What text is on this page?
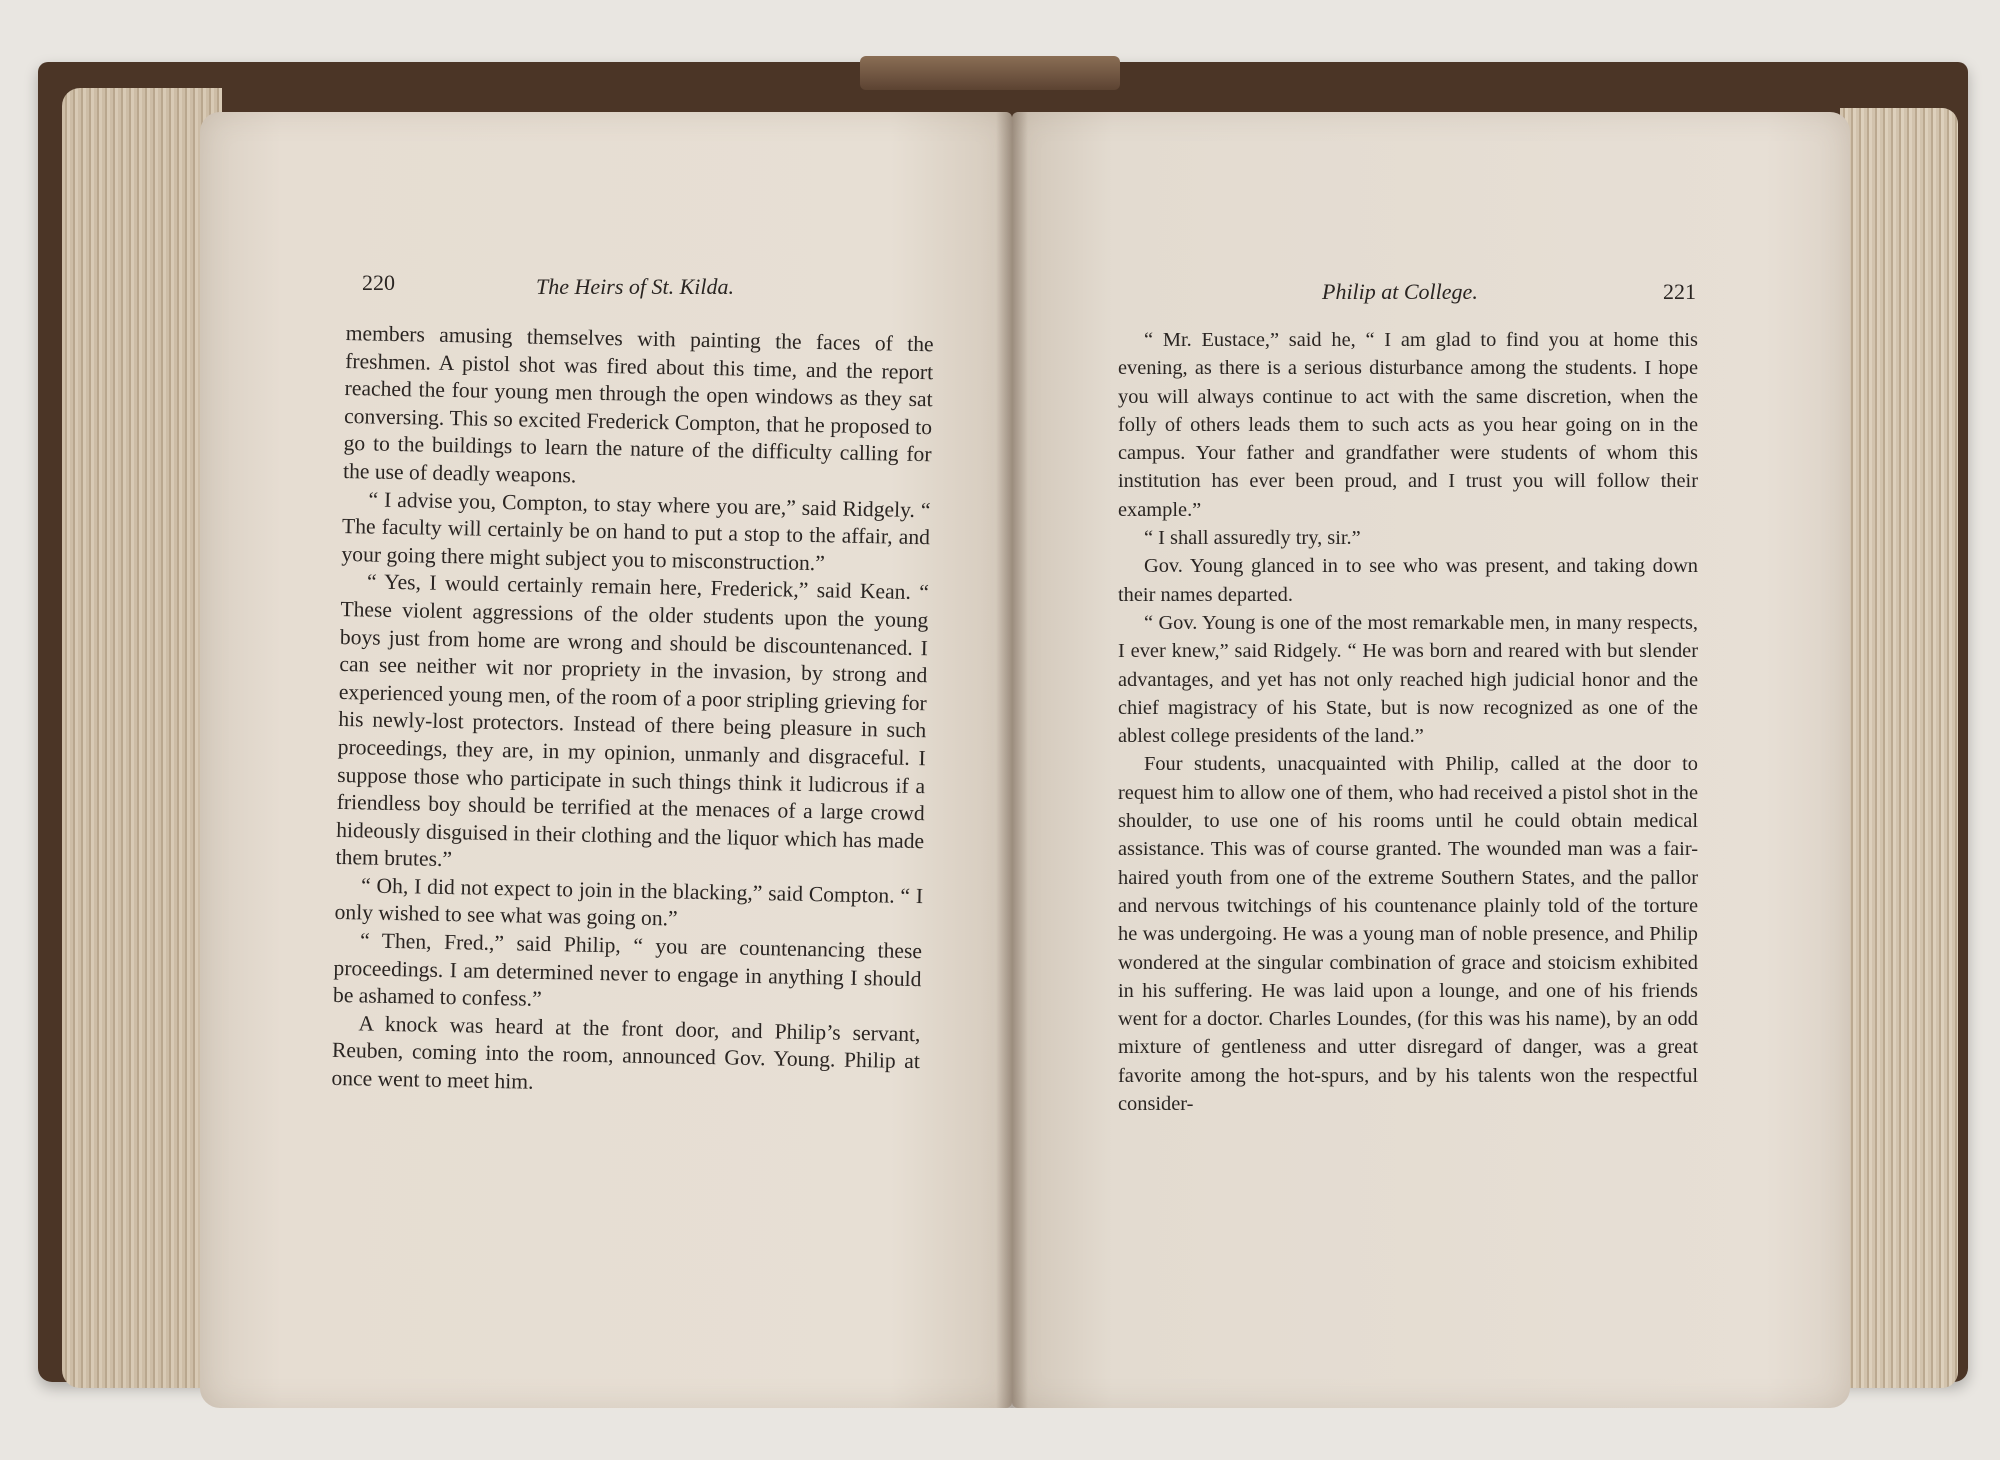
220	The Heirs of St. Kilda.	Philip at College.	221

members amusing themselves with painting the faces of the freshmen. A pistol shot was fired about this time, and the report reached the four young men through the open windows as they sat conversing. This so excited Frederick Compton, that he proposed to go to the buildings to learn the nature of the difficulty calling for the use of deadly weapons.

“ I advise you, Compton, to stay where you are,” said Ridgely. “ The faculty will certainly be on hand to put a stop to the affair, and your going there might subject you to misconstruction.”

“ Yes, I would certainly remain here, Frederick,” said Kean. “ These violent aggressions of the older students upon the young boys just from home are wrong and should be discountenanced. I can see neither wit nor propriety in the invasion, by strong and experienced young men, of the room of a poor stripling grieving for his newly-lost protectors. Instead of there being pleasure in such proceedings, they are, in my opinion, unmanly and disgraceful. I suppose those who participate in such things think it ludicrous if a friendless boy should be terrified at the menaces of a large crowd hideously disguised in their clothing and the liquor which has made them brutes.”

“ Oh, I did not expect to join in the blacking,” said Compton. “ I only wished to see what was going on.”

“ Then, Fred.,” said Philip, “ you are countenancing these proceedings. I am determined never to engage in anything I should be ashamed to confess.”

A knock was heard at the front door, and Philip’s servant, Reuben, coming into the room, announced Gov. Young. Philip at once went to meet him.

“ Mr. Eustace,” said he, “ I am glad to find you at home this evening, as there is a serious disturbance among the students. I hope you will always continue to act with the same discretion, when the folly of others leads them to such acts as you hear going on in the campus. Your father and grandfather were students of whom this institution has ever been proud, and I trust you will follow their example.”

“ I shall assuredly try, sir.”

Gov. Young glanced in to see who was present, and taking down their names departed.

“ Gov. Young is one of the most remarkable men, in many respects, I ever knew,” said Ridgely. “ He was born and reared with but slender advantages, and yet has not only reached high judicial honor and the chief magistracy of his State, but is now recognized as one of the ablest college presidents of the land.”

Four students, unacquainted with Philip, called at the door to request him to allow one of them, who had received a pistol shot in the shoulder, to use one of his rooms until he could obtain medical assistance. This was of course granted. The wounded man was a fair-haired youth from one of the extreme Southern States, and the pallor and nervous twitchings of his countenance plainly told of the torture he was undergoing. He was a young man of noble presence, and Philip wondered at the singular combination of grace and stoicism exhibited in his suffering. He was laid upon a lounge, and one of his friends went for a doctor. Charles Loundes, (for this was his name), by an odd mixture of gentleness and utter disregard of danger, was a great favorite among the hot-spurs, and by his talents won the respectful consider-
